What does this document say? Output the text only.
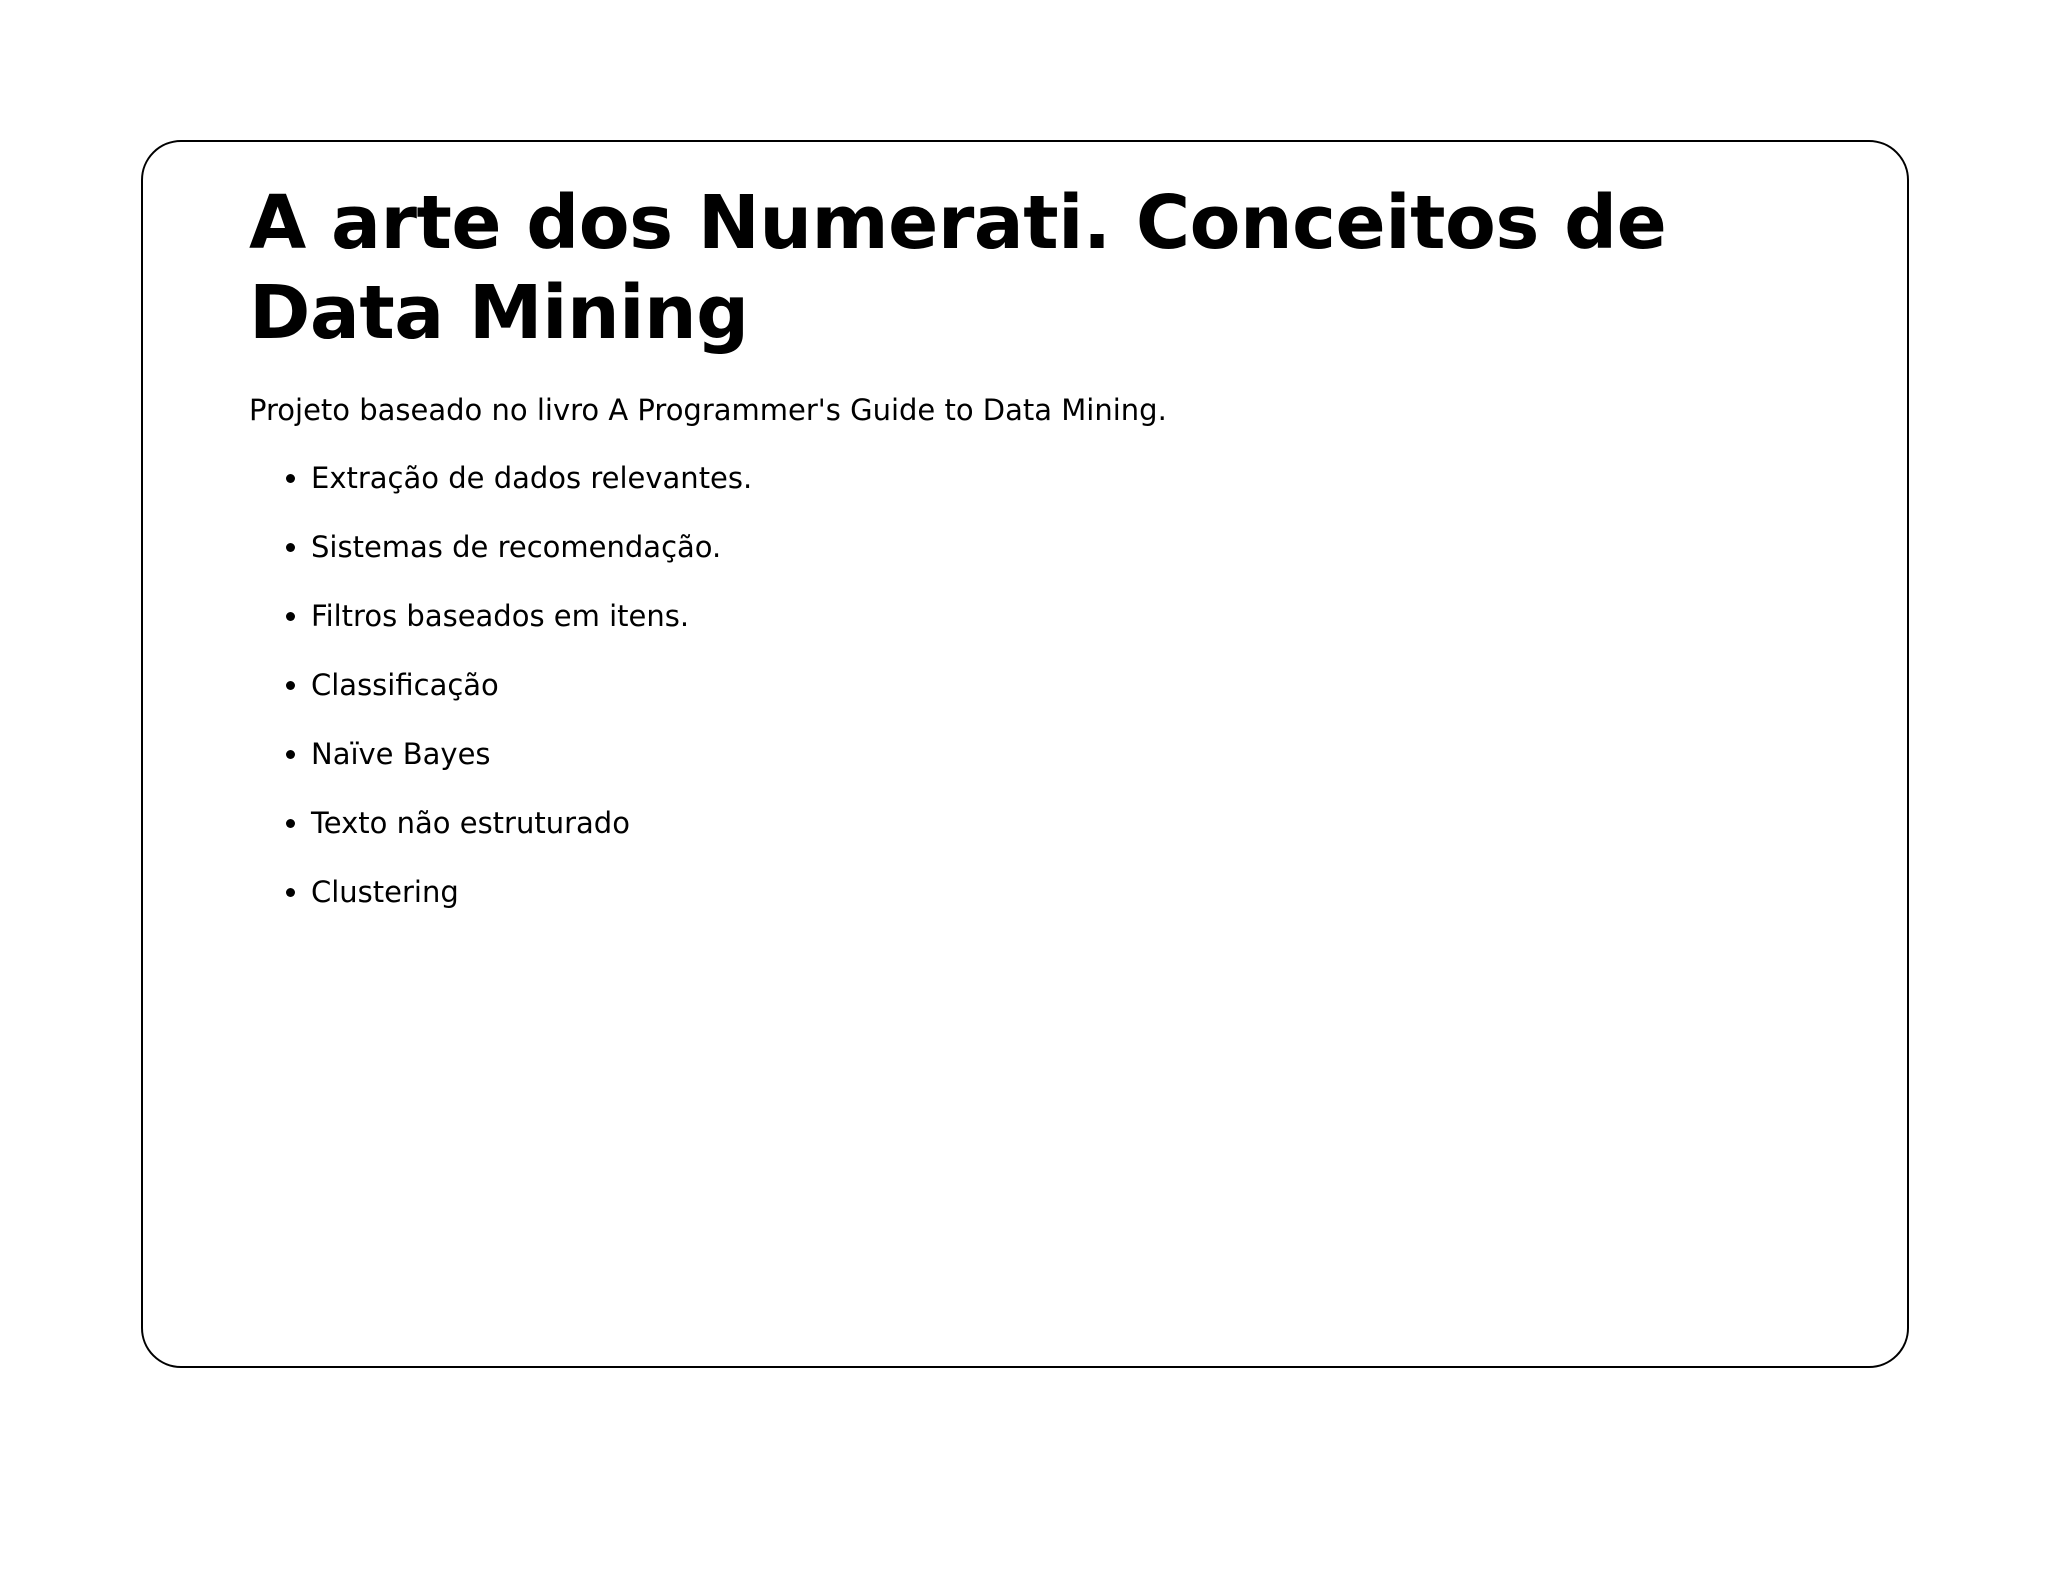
A arte dos Numerati. Conceitos de Data Mining

Projeto baseado no livro A Programmer's Guide to Data Mining.

• Extração de dados relevantes.
• Sistemas de recomendação.
• Filtros baseados em itens.
• Classificação
• Naïve Bayes
• Texto não estruturado
• Clustering
